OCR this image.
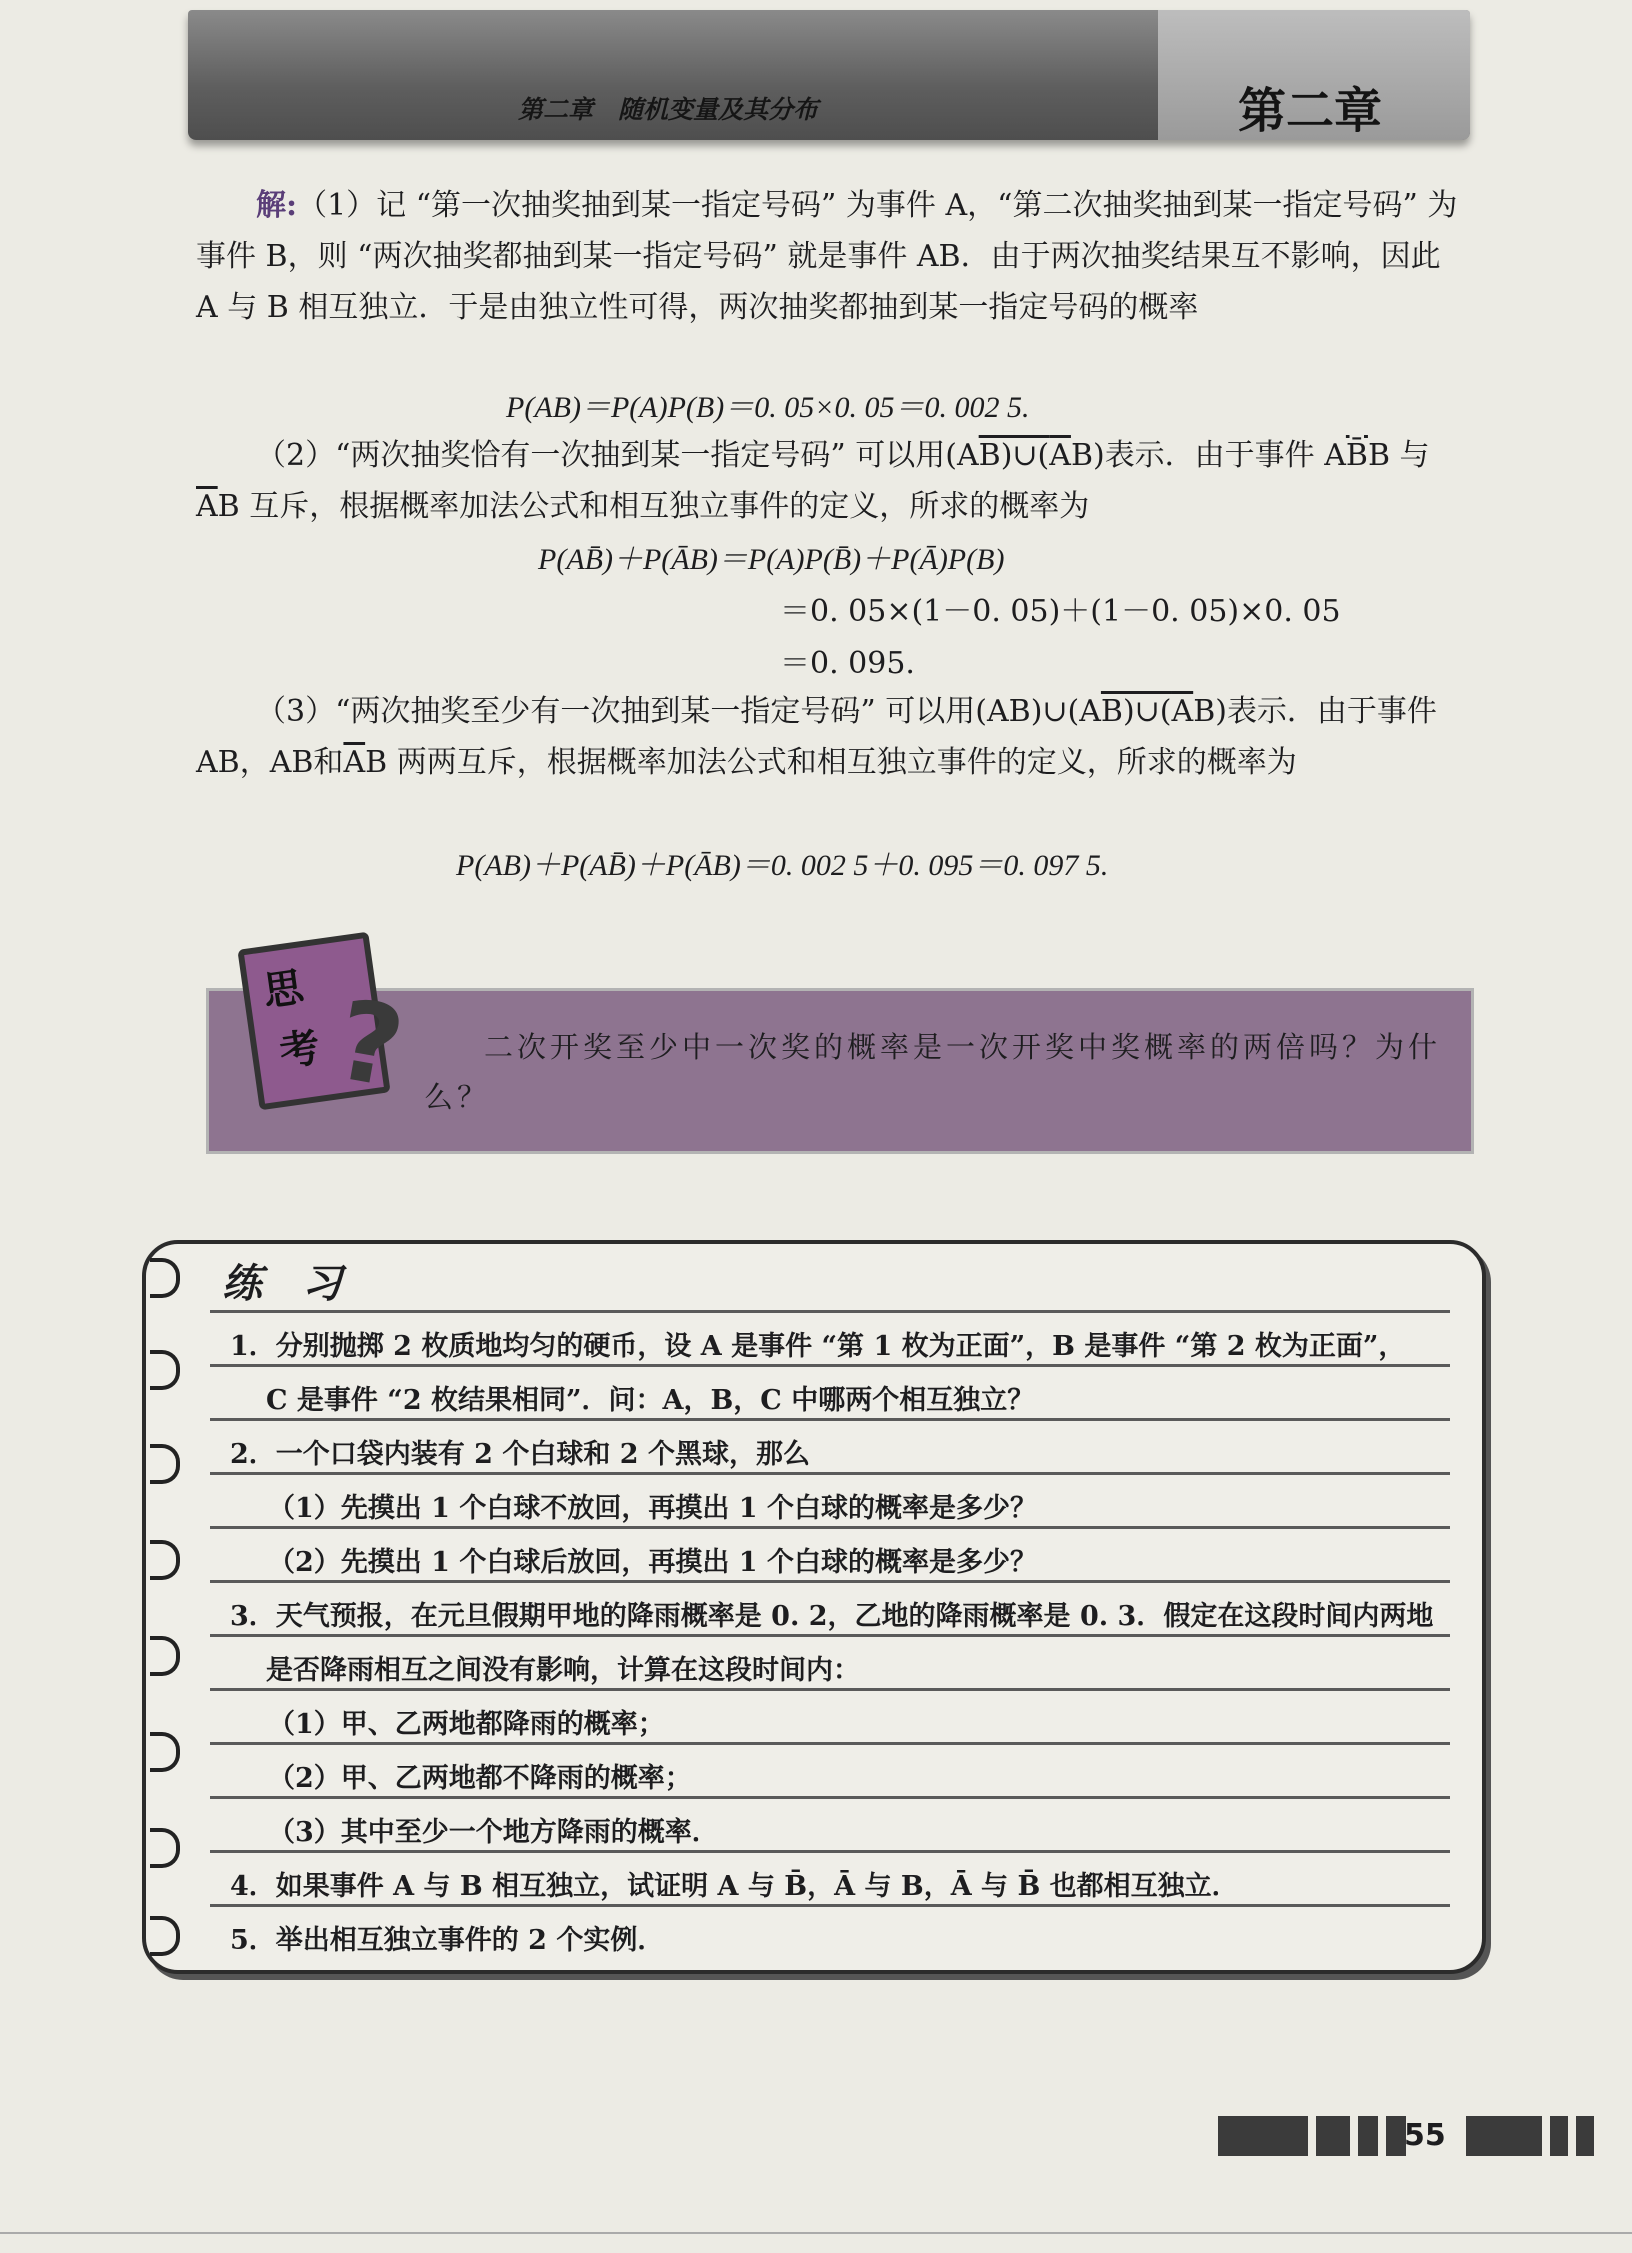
第二章　随机变量及其分布	第二章
解:（1）记 “第一次抽奖抽到某一指定号码” 为事件 A，“第二次抽奖抽到某一指定号码” 为事件 B，则 “两次抽奖都抽到某一指定号码” 就是事件 AB．由于两次抽奖结果互不影响，因此 A 与 B 相互独立．于是由独立性可得，两次抽奖都抽到某一指定号码的概率
P(AB)＝P(A)P(B)＝0. 05×0. 05＝0. 002 5.
（2）“两次抽奖恰有一次抽到某一指定号码” 可以用$(AB)\cup(\overline{A}B)$表示．由于事件 AB̄B 与 $\overline{A}B$ 互斥，根据概率加法公式和相互独立事件的定义，所求的概率为
P(AB̄)＋P(ĀB)＝P(A)P(B̄)＋P(Ā)P(B)
＝0. 05×(1－0. 05)＋(1－0. 05)×0. 05
＝0. 095.
（3）“两次抽奖至少有一次抽到某一指定号码” 可以用$(AB)\cup(AB)\cup(\overline{A}B)$表示．由于事件 AB，AB和$\overline{A}B$ 两两互斥，根据概率加法公式和相互独立事件的定义，所求的概率为
P(AB)＋P(AB̄)＋P(ĀB)＝0. 002 5＋0. 095＝0. 097 5.
思
考 ?	二次开奖至少中一次奖的概率是一次开奖中奖概率的两倍吗？为什么？
练习
1．分别抛掷 2 枚质地均匀的硬币，设 A 是事件 “第 1 枚为正面”，B 是事件 “第 2 枚为正面”，
C 是事件 “2 枚结果相同”．问：A，B，C 中哪两个相互独立？
2．一个口袋内装有 2 个白球和 2 个黑球，那么
（1）先摸出 1 个白球不放回，再摸出 1 个白球的概率是多少？
（2）先摸出 1 个白球后放回，再摸出 1 个白球的概率是多少？
3．天气预报，在元旦假期甲地的降雨概率是 0. 2，乙地的降雨概率是 0. 3．假定在这段时间内两地
是否降雨相互之间没有影响，计算在这段时间内：
（1）甲、乙两地都降雨的概率；
（2）甲、乙两地都不降雨的概率；
（3）其中至少一个地方降雨的概率．
4．如果事件 A 与 B 相互独立，试证明 A 与 B̄，Ā 与 B，Ā 与 B̄ 也都相互独立．
5．举出相互独立事件的 2 个实例．
55
